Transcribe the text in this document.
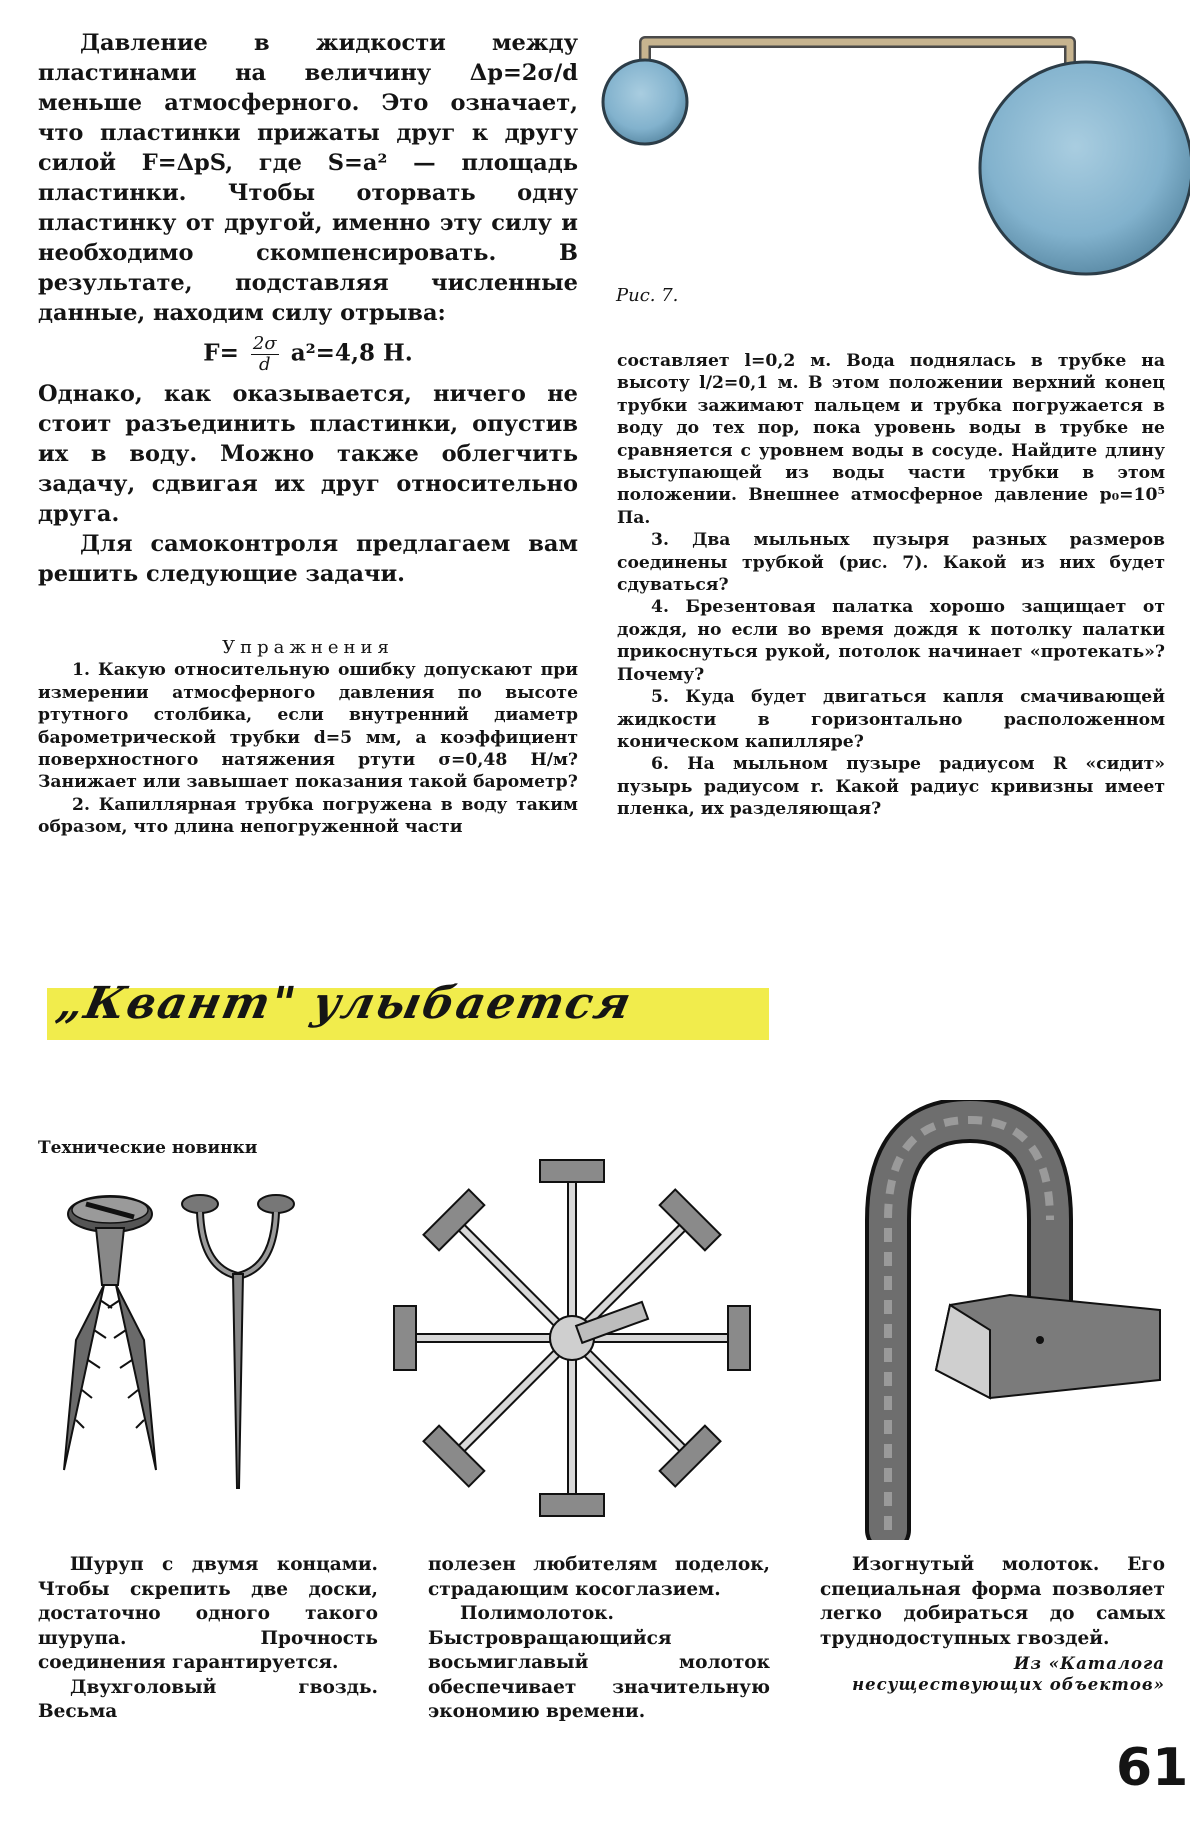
Давление в жидкости между пластинами на величину Δp=2σ/d меньше атмосферного. Это означает, что пластинки прижаты друг к другу силой F=ΔpS, где S=a² — площадь пластинки. Чтобы оторвать одну пластинку от другой, именно эту силу и необходимо скомпенсировать. В результате, подставляя численные данные, находим силу отрыва:

$F= \frac{2\sigma}{d} a^2=4,8$ Н.

Однако, как оказывается, ничего не стоит разъединить пластинки, опустив их в воду. Можно также облегчить задачу, сдвигая их друг относительно друга.

Для самоконтроля предлагаем вам решить следующие задачи.

Упражнения

1. Какую относительную ошибку допускают при измерении атмосферного давления по высоте ртутного столбика, если внутренний диаметр барометрической трубки d=5 мм, а коэффициент поверхностного натяжения ртути σ=0,48 Н/м? Занижает или завышает показания такой барометр?

2. Капиллярная трубка погружена в воду таким образом, что длина непогруженной части

Рис. 7.

составляет l=0,2 м. Вода поднялась в трубке на высоту l/2=0,1 м. В этом положении верхний конец трубки зажимают пальцем и трубка погружается в воду до тех пор, пока уровень воды в трубке не сравняется с уровнем воды в сосуде. Найдите длину выступающей из воды части трубки в этом положении. Внешнее атмосферное давление p₀=10⁵ Па.

3. Два мыльных пузыря разных размеров соединены трубкой (рис. 7). Какой из них будет сдуваться?

4. Брезентовая палатка хорошо защищает от дождя, но если во время дождя к потолку палатки прикоснуться рукой, потолок начинает «протекать»? Почему?

5. Куда будет двигаться капля смачивающей жидкости в горизонтально расположенном коническом капилляре?

6. На мыльном пузыре радиусом R «сидит» пузырь радиусом r. Какой радиус кривизны имеет пленка, их разделяющая?

„Квант" улыбается
Технические новинки

Шуруп с двумя концами. Чтобы скрепить две доски, достаточно одного такого шурупа. Прочность соединения гарантируется.

Двухголовый гвоздь. Весьма

полезен любителям поделок, страдающим косоглазием.

Полимолоток. Быстровращающийся восьмиглавый молоток обеспечивает значительную экономию времени.

Изогнутый молоток. Его специальная форма позволяет легко добираться до самых труднодоступных гвоздей.

Из «Каталога
несуществующих объектов»
61
